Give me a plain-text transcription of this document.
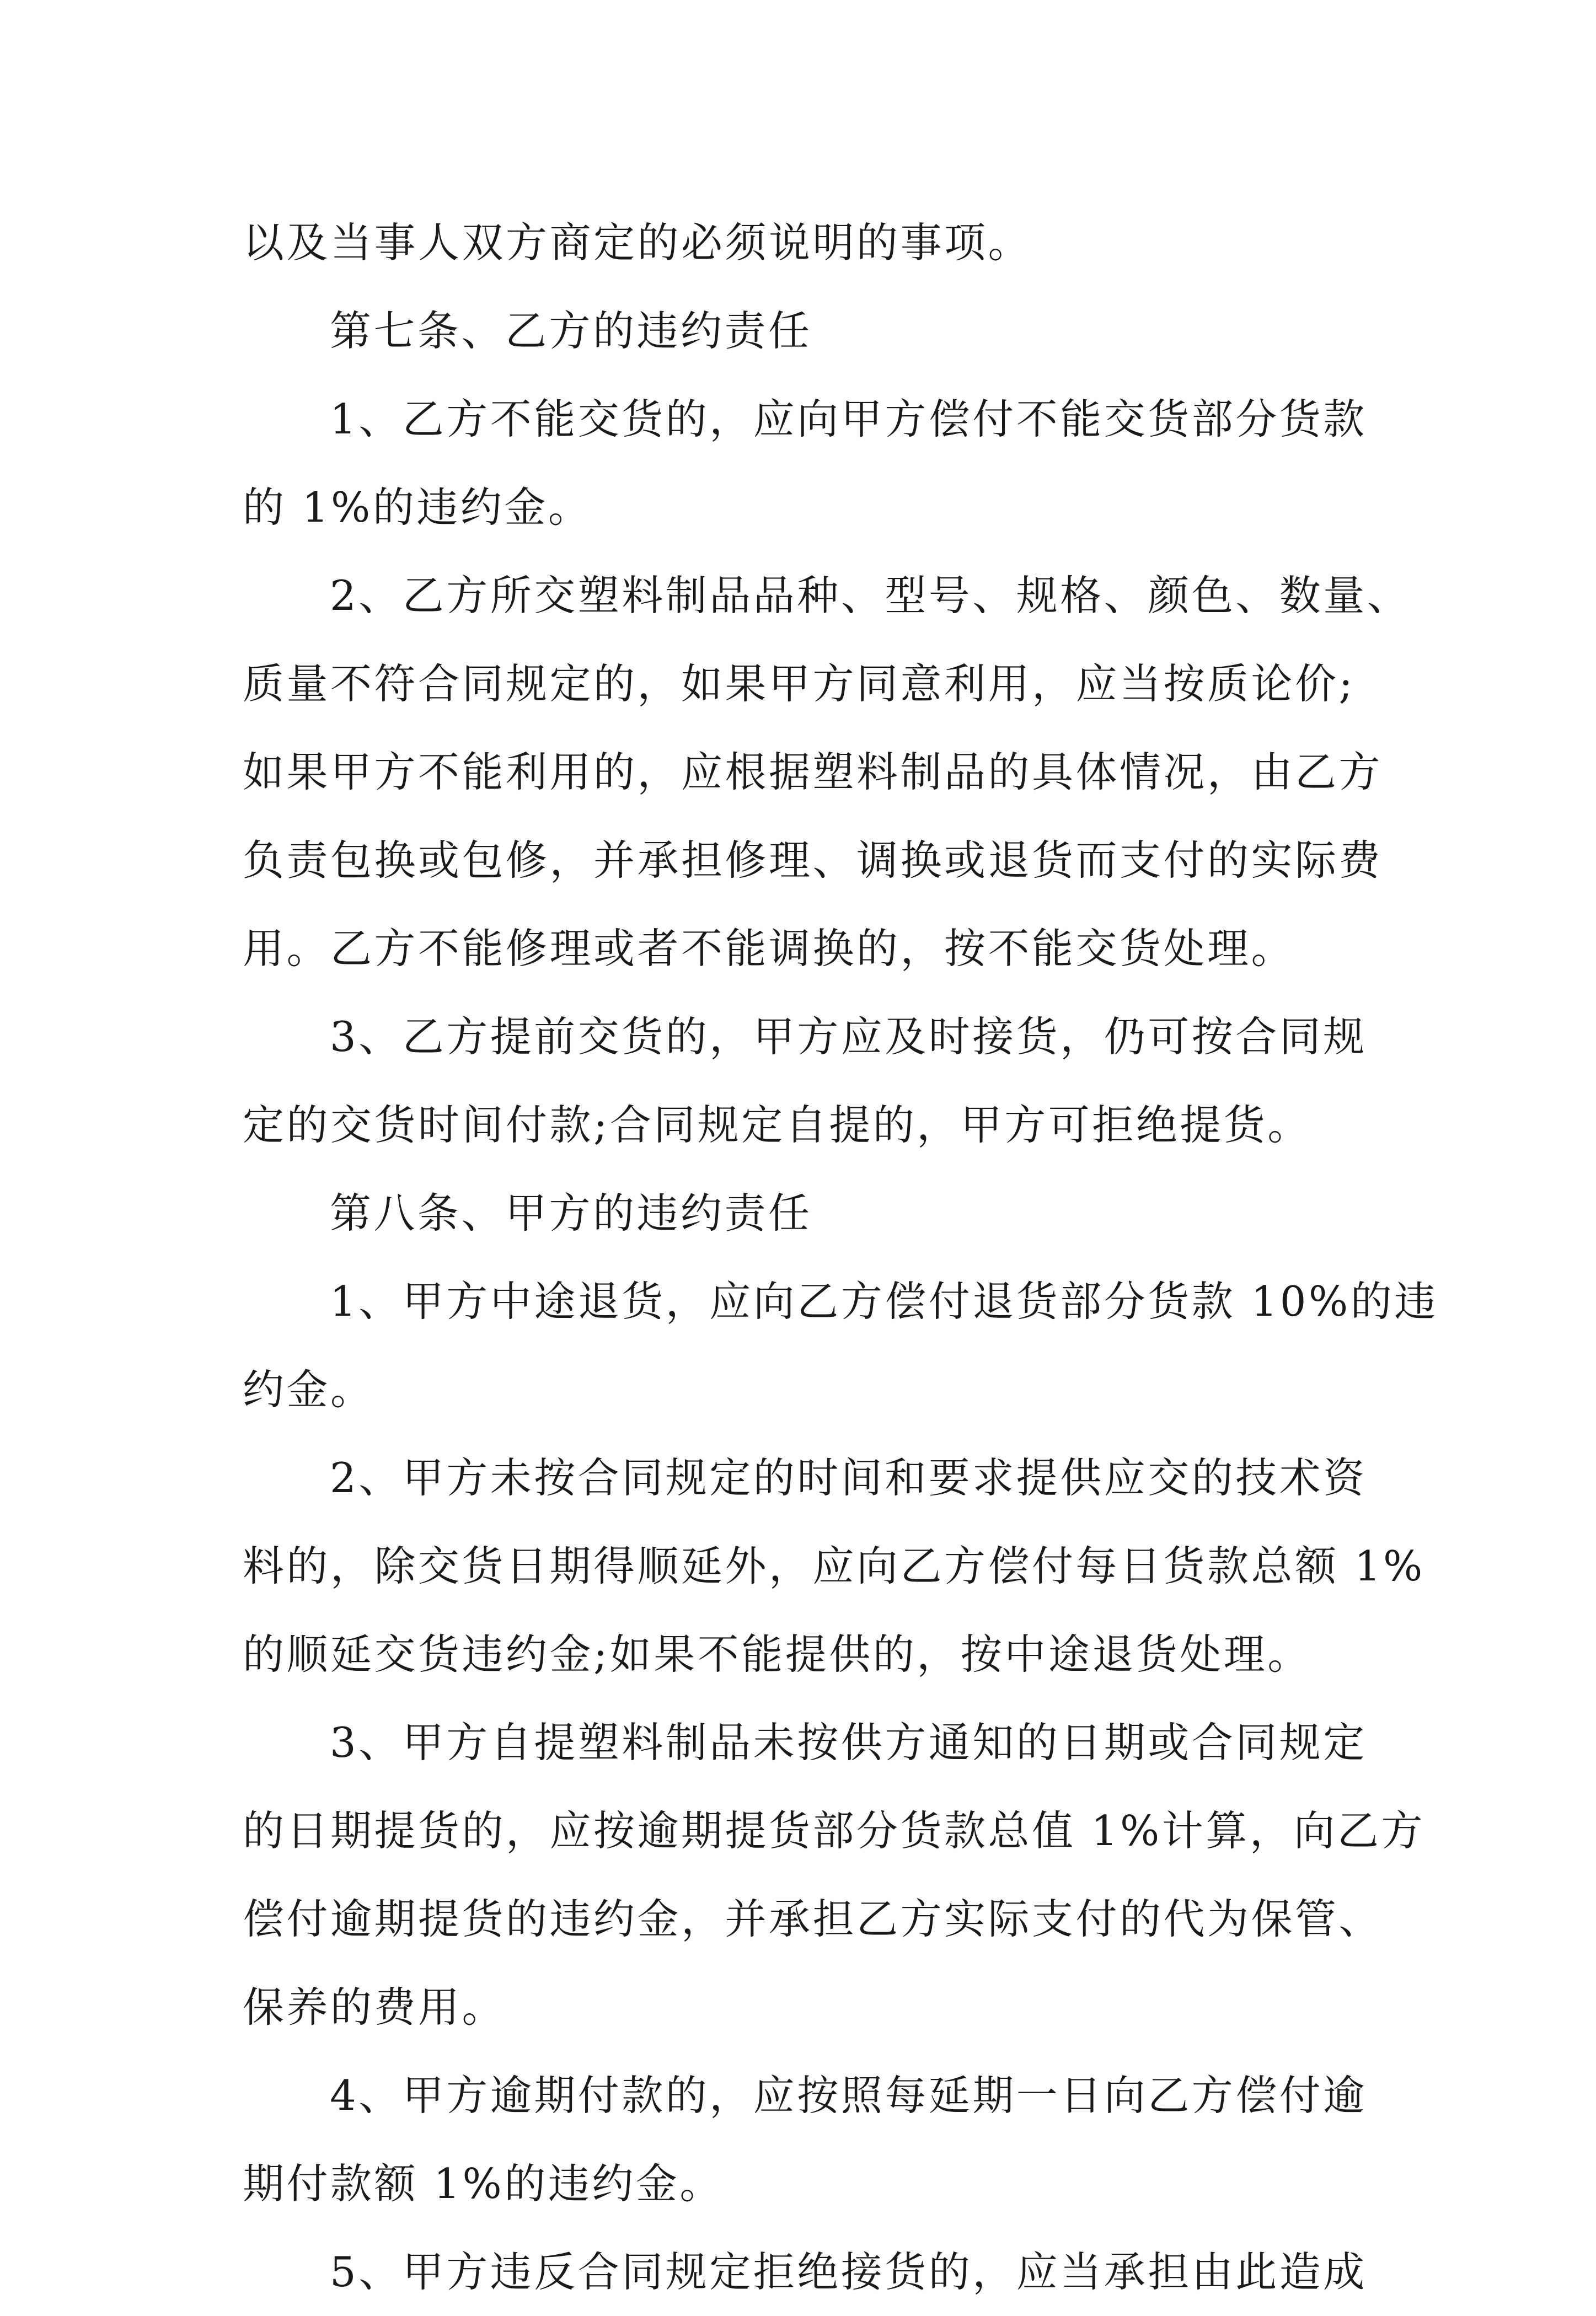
以及当事人双方商定的必须说明的事项。
第七条、乙方的违约责任
1、乙方不能交货的，应向甲方偿付不能交货部分货款
的 1%的违约金。
2、乙方所交塑料制品品种、型号、规格、颜色、数量、
质量不符合同规定的，如果甲方同意利用，应当按质论价;
如果甲方不能利用的，应根据塑料制品的具体情况，由乙方
负责包换或包修，并承担修理、调换或退货而支付的实际费
用。乙方不能修理或者不能调换的，按不能交货处理。
3、乙方提前交货的，甲方应及时接货，仍可按合同规
定的交货时间付款;合同规定自提的，甲方可拒绝提货。
第八条、甲方的违约责任
1、甲方中途退货，应向乙方偿付退货部分货款 10%的违
约金。
2、甲方未按合同规定的时间和要求提供应交的技术资
料的，除交货日期得顺延外，应向乙方偿付每日货款总额 1%
的顺延交货违约金;如果不能提供的，按中途退货处理。
3、甲方自提塑料制品未按供方通知的日期或合同规定
的日期提货的，应按逾期提货部分货款总值 1%计算，向乙方
偿付逾期提货的违约金，并承担乙方实际支付的代为保管、
保养的费用。
4、甲方逾期付款的，应按照每延期一日向乙方偿付逾
期付款额 1%的违约金。
5、甲方违反合同规定拒绝接货的，应当承担由此造成
